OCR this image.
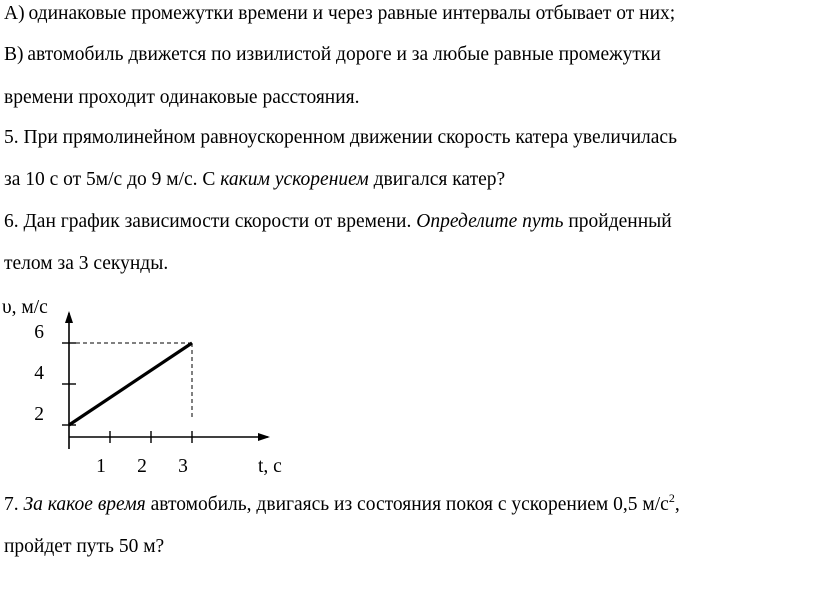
А) одинаковые промежутки времени и через равные интервалы отбывает от них;
В) автомобиль движется по извилистой дороге и за любые равные промежутки
времени проходит одинаковые расстояния.
5. При прямолинейном равноускоренном движении скорость катера увеличилась
за 10 с от 5м/с до 9 м/с. С каким ускорением двигался катер?
6. Дан график зависимости скорости от времени. Определите путь пройденный
телом за 3 секунды.
υ, м/с
1 2 3
2
4
6
t, с
7. За какое время автомобиль, двигаясь из состояния покоя с ускорением 0,5 $м/с^2$,
пройдет путь 50 м?
